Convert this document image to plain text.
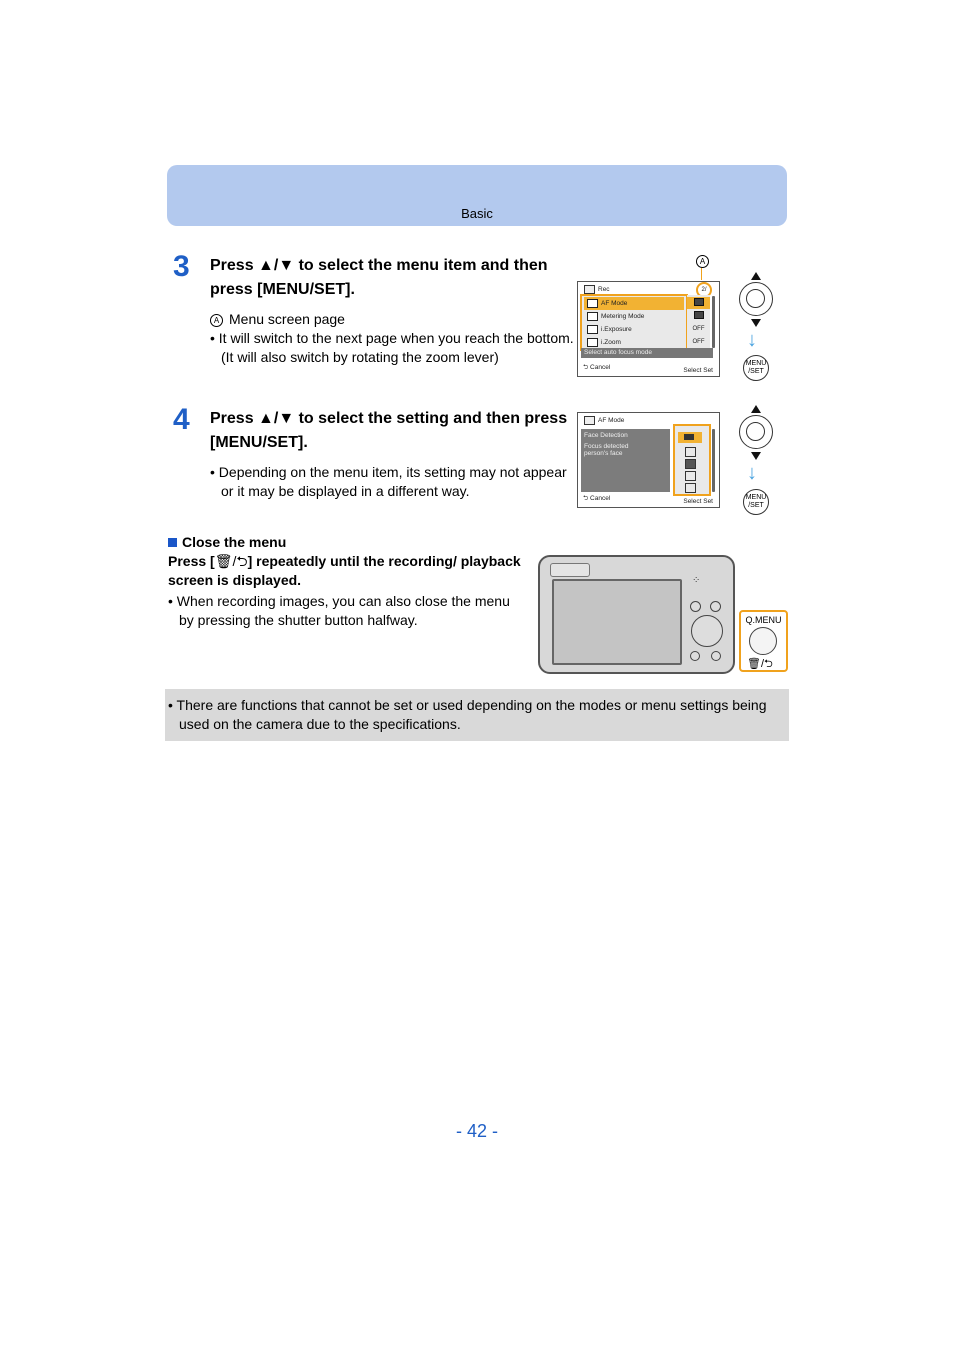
Basic
3 Press ▲/▼ to select the menu item and then press [MENU/SET].
A Menu screen page
• It will switch to the next page when you reach the bottom. (It will also switch by rotating the zoom lever)
A
Rec	2/
AF Mode
Metering Mode
i.Exposure
i.Zoom
OFF
OFF
Select auto focus mode
⮌ Cancel	Select Set
↓
MENU
/SET
4 Press ▲/▼ to select the setting and then press [MENU/SET].
• Depending on the menu item, its setting may not appear or it may be displayed in a different way.
AF Mode
Face Detection
Focus detected person's face
⮌ Cancel	Select Set
↓
MENU
/SET
Close the menu
Press [🗑/⮌] repeatedly until the recording/ playback screen is displayed.
• When recording images, you can also close the menu by pressing the shutter button halfway.
⁘
Q.MENU
🗑/⮌
• There are functions that cannot be set or used depending on the modes or menu settings being used on the camera due to the specifications.
- 42 -
